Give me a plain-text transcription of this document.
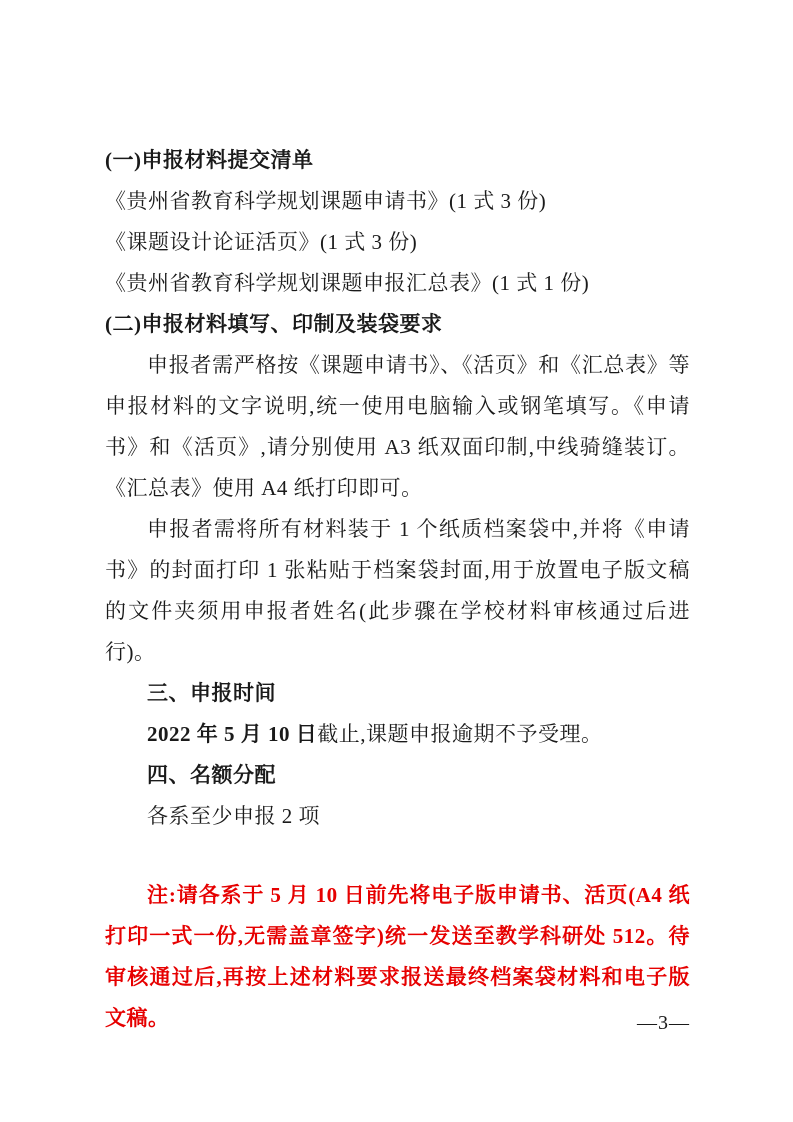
(一)申报材料提交清单

《贵州省教育科学规划课题申请书》(1 式 3 份)

《课题设计论证活页》(1 式 3 份)

《贵州省教育科学规划课题申报汇总表》(1 式 1 份)

(二)申报材料填写、印制及装袋要求

申报者需严格按《课题申请书》、《活页》和《汇总表》等申报材料的文字说明,统一使用电脑输入或钢笔填写。《申请书》和《活页》,请分别使用 A3 纸双面印制,中线骑缝装订。《汇总表》使用 A4 纸打印即可。

申报者需将所有材料装于 1 个纸质档案袋中,并将《申请书》的封面打印 1 张粘贴于档案袋封面,用于放置电子版文稿的文件夹须用申报者姓名(此步骤在学校材料审核通过后进行)。

三、申报时间

2022 年 5 月 10 日截止,课题申报逾期不予受理。

四、名额分配

各系至少申报 2 项

注:请各系于 5 月 10 日前先将电子版申请书、活页(A4 纸打印一式一份,无需盖章签字)统一发送至教学科研处 512。待审核通过后,再按上述材料要求报送最终档案袋材料和电子版文稿。	—3—
